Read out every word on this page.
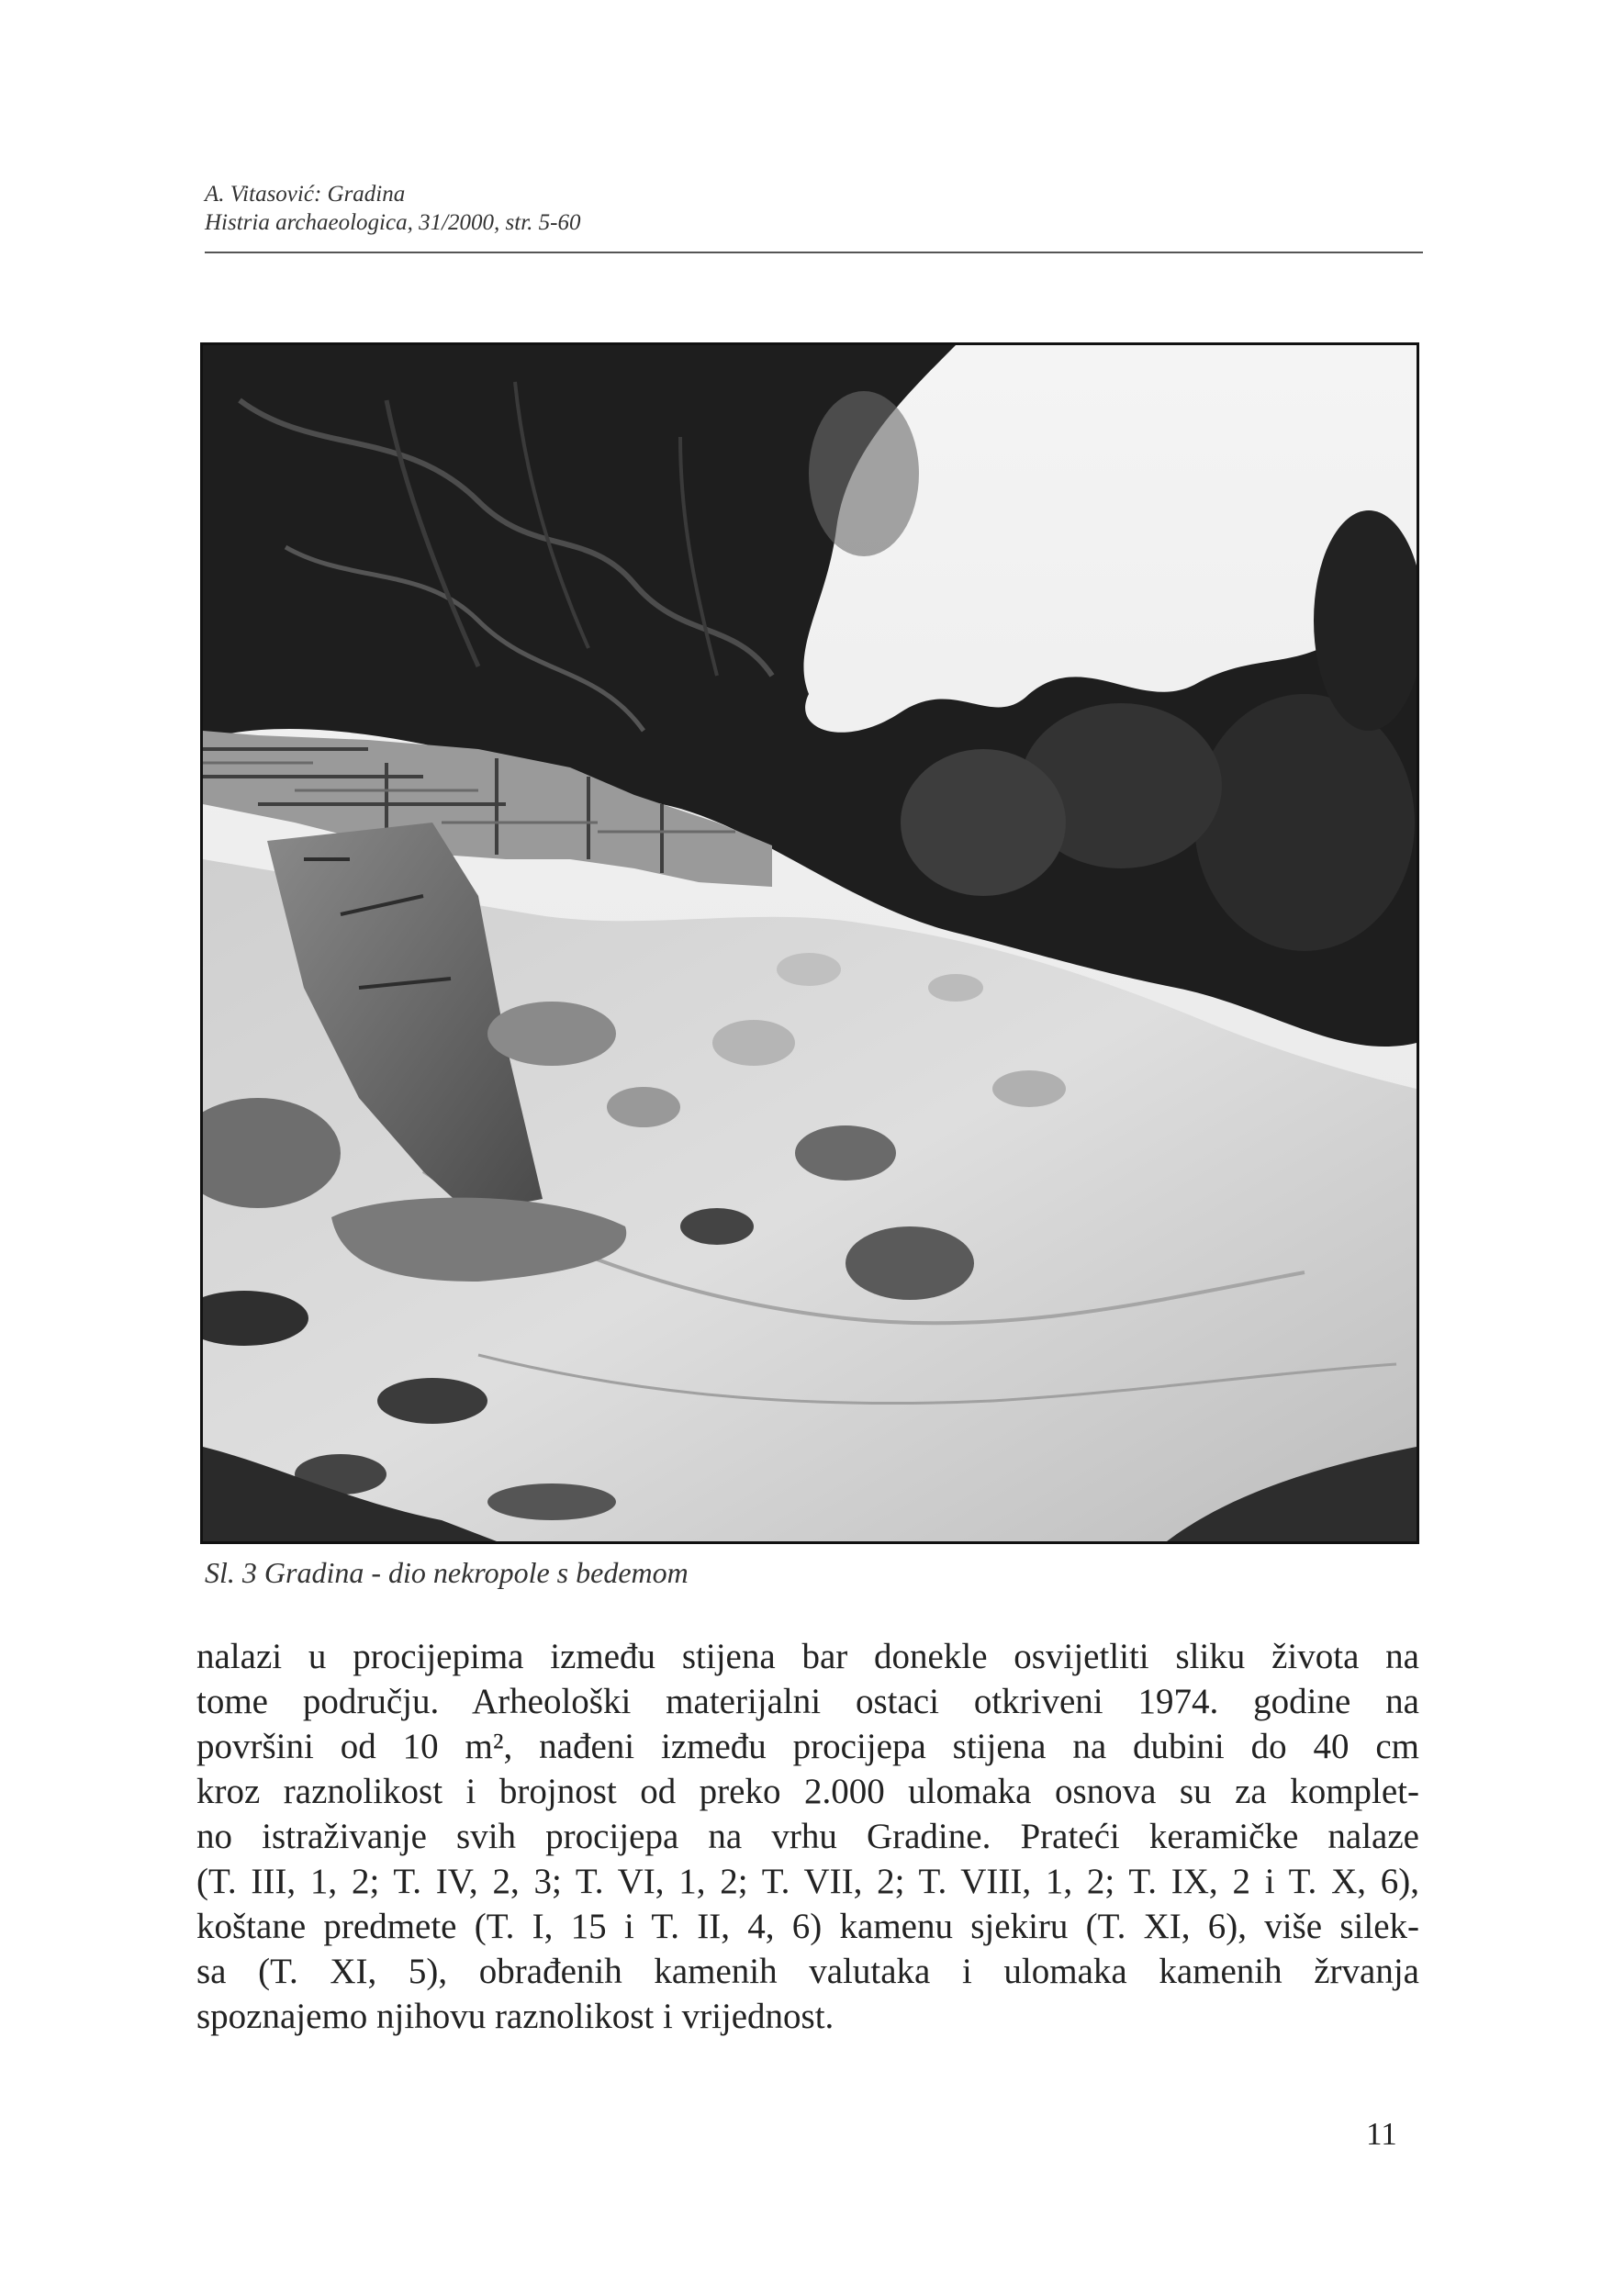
A. Vitasović: Gradina
Histria archaeologica, 31/2000, str. 5-60
Sl. 3 Gradina - dio nekropole s bedemom
nalazi u procijepima između stijena bar donekle osvijetliti sliku života na
tome području. Arheološki materijalni ostaci otkriveni 1974. godine na
površini od 10 m², nađeni između procijepa stijena na dubini do 40 cm
kroz raznolikost i brojnost od preko 2.000 ulomaka osnova su za komplet-
no istraživanje svih procijepa na vrhu Gradine. Prateći keramičke nalaze
(T. III, 1, 2; T. IV, 2, 3; T. VI, 1, 2; T. VII, 2; T. VIII, 1, 2; T. IX, 2 i T. X, 6),
koštane predmete (T. I, 15 i T. II, 4, 6) kamenu sjekiru (T. XI, 6), više silek-
sa (T. XI, 5), obrađenih kamenih valutaka i ulomaka kamenih žrvanja
spoznajemo njihovu raznolikost i vrijednost.
11
